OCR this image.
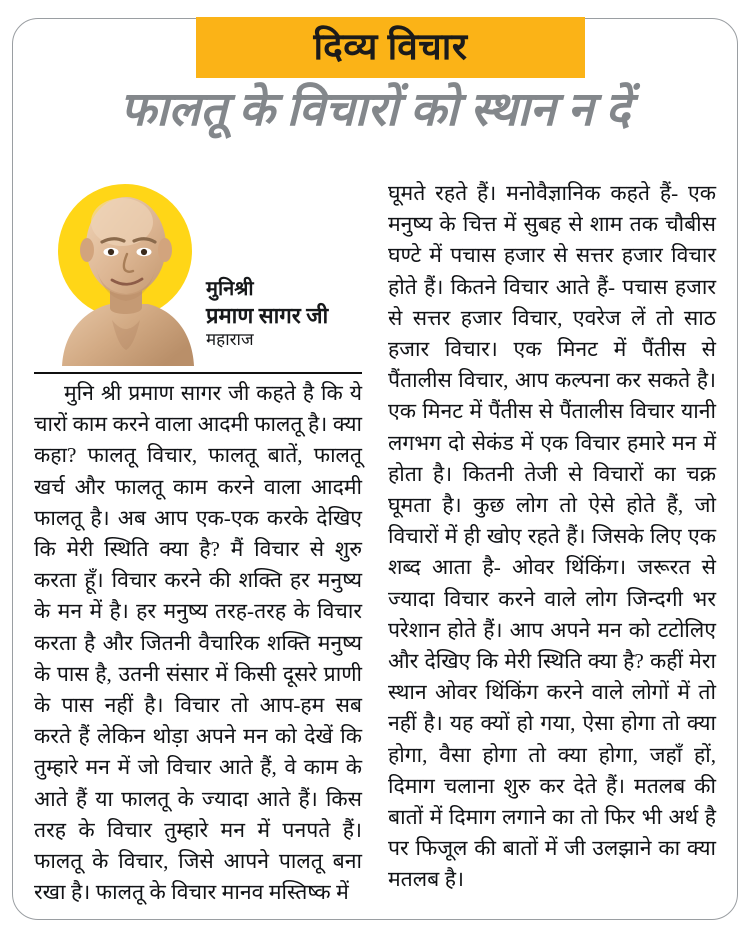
दिव्य विचार
फालतू के विचारों को स्थान न दें
मुनिश्री
प्रमाण सागर जी
महाराज

मुनि श्री प्रमाण सागर जी कहते है कि ये चारों काम करने वाला आदमी फालतू है। क्या कहा? फालतू विचार, फालतू बातें, फालतू खर्च और फालतू काम करने वाला आदमी फालतू है। अब आप एक-एक करके देखिए कि मेरी स्थिति क्या है? मैं विचार से शुरु करता हूँ। विचार करने की शक्ति हर मनुष्य के मन में है। हर मनुष्य तरह-तरह के विचार करता है और जितनी वैचारिक शक्ति मनुष्य के पास है, उतनी संसार में किसी दूसरे प्राणी के पास नहीं है। विचार तो आप-हम सब करते हैं लेकिन थोड़ा अपने मन को देखें कि तुम्हारे मन में जो विचार आते हैं, वे काम के आते हैं या फालतू के ज्यादा आते हैं। किस तरह के विचार तुम्हारे मन में पनपते हैं। फालतू के विचार, जिसे आपने पालतू बना रखा है। फालतू के विचार मानव मस्तिष्क में

घूमते रहते हैं। मनोवैज्ञानिक कहते हैं- एक मनुष्य के चित्त में सुबह से शाम तक चौबीस घण्टे में पचास हजार से सत्तर हजार विचार होते हैं। कितने विचार आते हैं- पचास हजार से सत्तर हजार विचार, एवरेज लें तो साठ हजार विचार। एक मिनट में पैंतीस से पैंतालीस विचार, आप कल्पना कर सकते है। एक मिनट में पैंतीस से पैंतालीस विचार यानी लगभग दो सेकंड में एक विचार हमारे मन में होता है। कितनी तेजी से विचारों का चक्र घूमता है। कुछ लोग तो ऐसे होते हैं, जो विचारों में ही खोए रहते हैं। जिसके लिए एक शब्द आता है- ओवर थिंकिंग। जरूरत से ज्यादा विचार करने वाले लोग जिन्दगी भर परेशान होते हैं। आप अपने मन को टटोलिए और देखिए कि मेरी स्थिति क्या है? कहीं मेरा स्थान ओवर थिंकिंग करने वाले लोगों में तो नहीं है। यह क्यों हो गया, ऐसा होगा तो क्या होगा, वैसा होगा तो क्या होगा, जहाँ हों, दिमाग चलाना शुरु कर देते हैं। मतलब की बातों में दिमाग लगाने का तो फिर भी अर्थ है पर फिजूल की बातों में जी उलझाने का क्या मतलब है।
